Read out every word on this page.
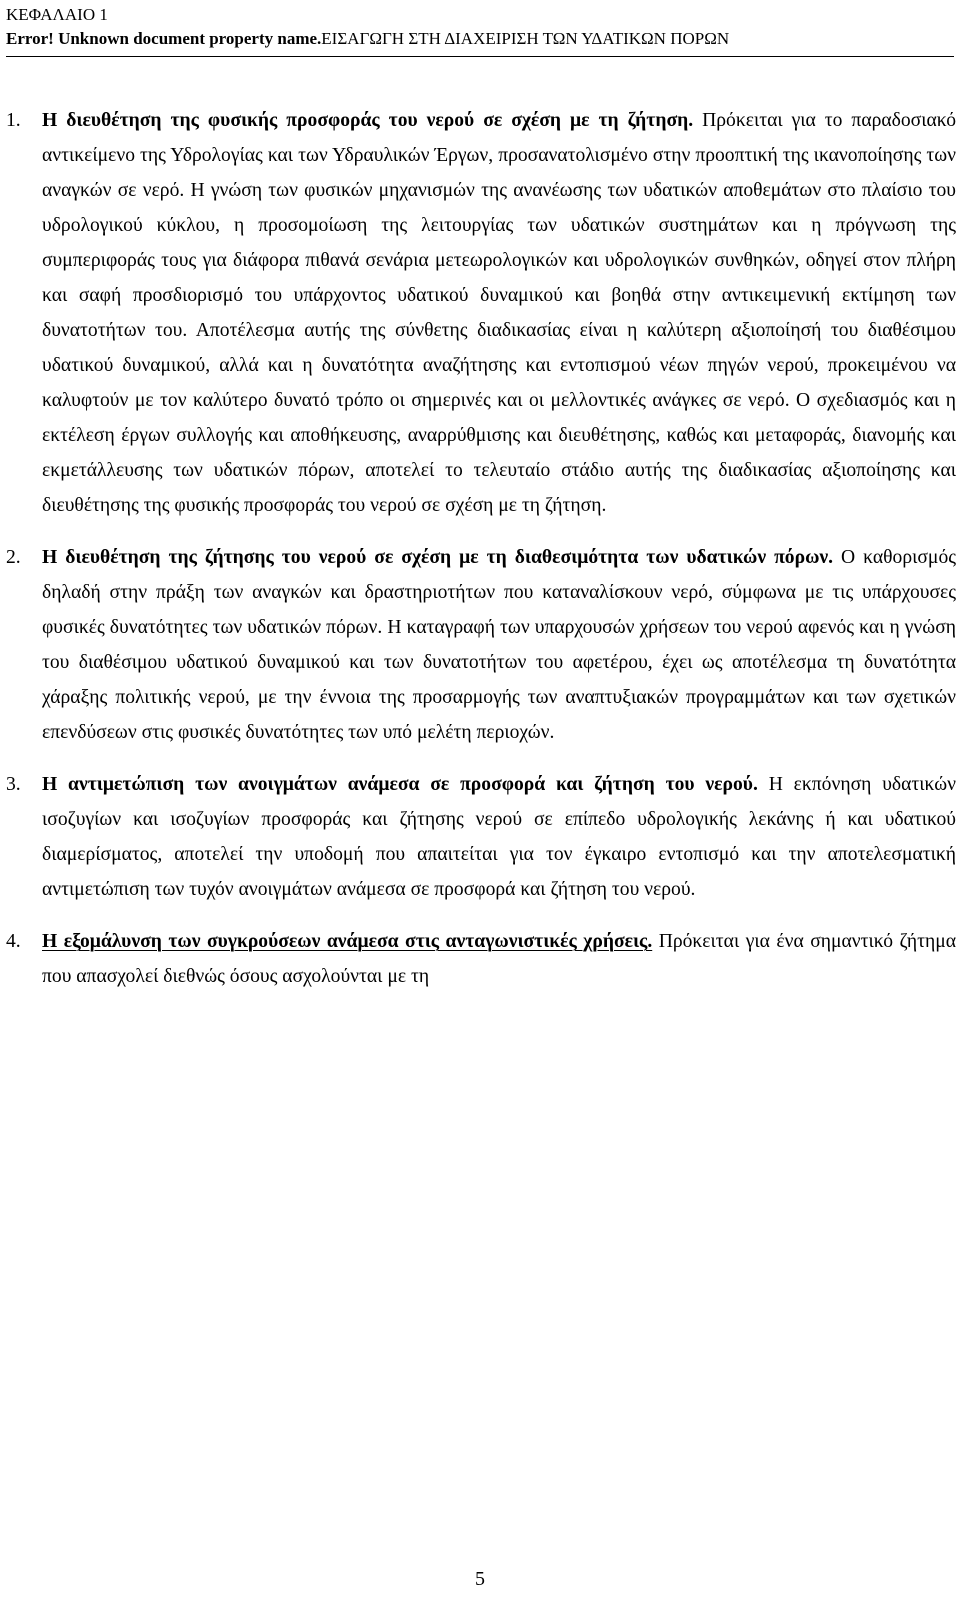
ΚΕΦΑΛΑΙΟ 1
Error! Unknown document property name.ΕΙΣΑΓΩΓΗ ΣΤΗ ΔΙΑΧΕΙΡΙΣΗ ΤΩΝ ΥΔΑΤΙΚΩΝ ΠΟΡΩΝ
1. Η διευθέτηση της φυσικής προσφοράς του νερού σε σχέση με τη ζήτηση. Πρόκειται για το παραδοσιακό αντικείμενο της Υδρολογίας και των Υδραυλικών Έργων, προσανατολισμένο στην προοπτική της ικανοποίησης των αναγκών σε νερό. Η γνώση των φυσικών μηχανισμών της ανανέωσης των υδατικών αποθεμάτων στο πλαίσιο του υδρολογικού κύκλου, η προσομοίωση της λειτουργίας των υδατικών συστημάτων και η πρόγνωση της συμπεριφοράς τους για διάφορα πιθανά σενάρια μετεωρολογικών και υδρολογικών συνθηκών, οδηγεί στον πλήρη και σαφή προσδιορισμό του υπάρχοντος υδατικού δυναμικού και βοηθά στην αντικειμενική εκτίμηση των δυνατοτήτων του. Αποτέλεσμα αυτής της σύνθετης διαδικασίας είναι η καλύτερη αξιοποίησή του διαθέσιμου υδατικού δυναμικού, αλλά και η δυνατότητα αναζήτησης και εντοπισμού νέων πηγών νερού, προκειμένου να καλυφτούν με τον καλύτερο δυνατό τρόπο οι σημερινές και οι μελλοντικές ανάγκες σε νερό. Ο σχεδιασμός και η εκτέλεση έργων συλλογής και αποθήκευσης, αναρρύθμισης και διευθέτησης, καθώς και μεταφοράς, διανομής και εκμετάλλευσης των υδατικών πόρων, αποτελεί το τελευταίο στάδιο αυτής της διαδικασίας αξιοποίησης και διευθέτησης της φυσικής προσφοράς του νερού σε σχέση με τη ζήτηση.
2. Η διευθέτηση της ζήτησης του νερού σε σχέση με τη διαθεσιμότητα των υδατικών πόρων. Ο καθορισμός δηλαδή στην πράξη των αναγκών και δραστηριοτήτων που καταναλίσκουν νερό, σύμφωνα με τις υπάρχουσες φυσικές δυνατότητες των υδατικών πόρων. Η καταγραφή των υπαρχουσών χρήσεων του νερού αφενός και η γνώση του διαθέσιμου υδατικού δυναμικού και των δυνατοτήτων του αφετέρου, έχει ως αποτέλεσμα τη δυνατότητα χάραξης πολιτικής νερού, με την έννοια της προσαρμογής των αναπτυξιακών προγραμμάτων και των σχετικών επενδύσεων στις φυσικές δυνατότητες των υπό μελέτη περιοχών.
3. Η αντιμετώπιση των ανοιγμάτων ανάμεσα σε προσφορά και ζήτηση του νερού. Η εκπόνηση υδατικών ισοζυγίων και ισοζυγίων προσφοράς και ζήτησης νερού σε επίπεδο υδρολογικής λεκάνης ή και υδατικού διαμερίσματος, αποτελεί την υποδομή που απαιτείται για τον έγκαιρο εντοπισμό και την αποτελεσματική αντιμετώπιση των τυχόν ανοιγμάτων ανάμεσα σε προσφορά και ζήτηση του νερού.
4. Η εξομάλυνση των συγκρούσεων ανάμεσα στις ανταγωνιστικές χρήσεις. Πρόκειται για ένα σημαντικό ζήτημα που απασχολεί διεθνώς όσους ασχολούνται με τη
5
